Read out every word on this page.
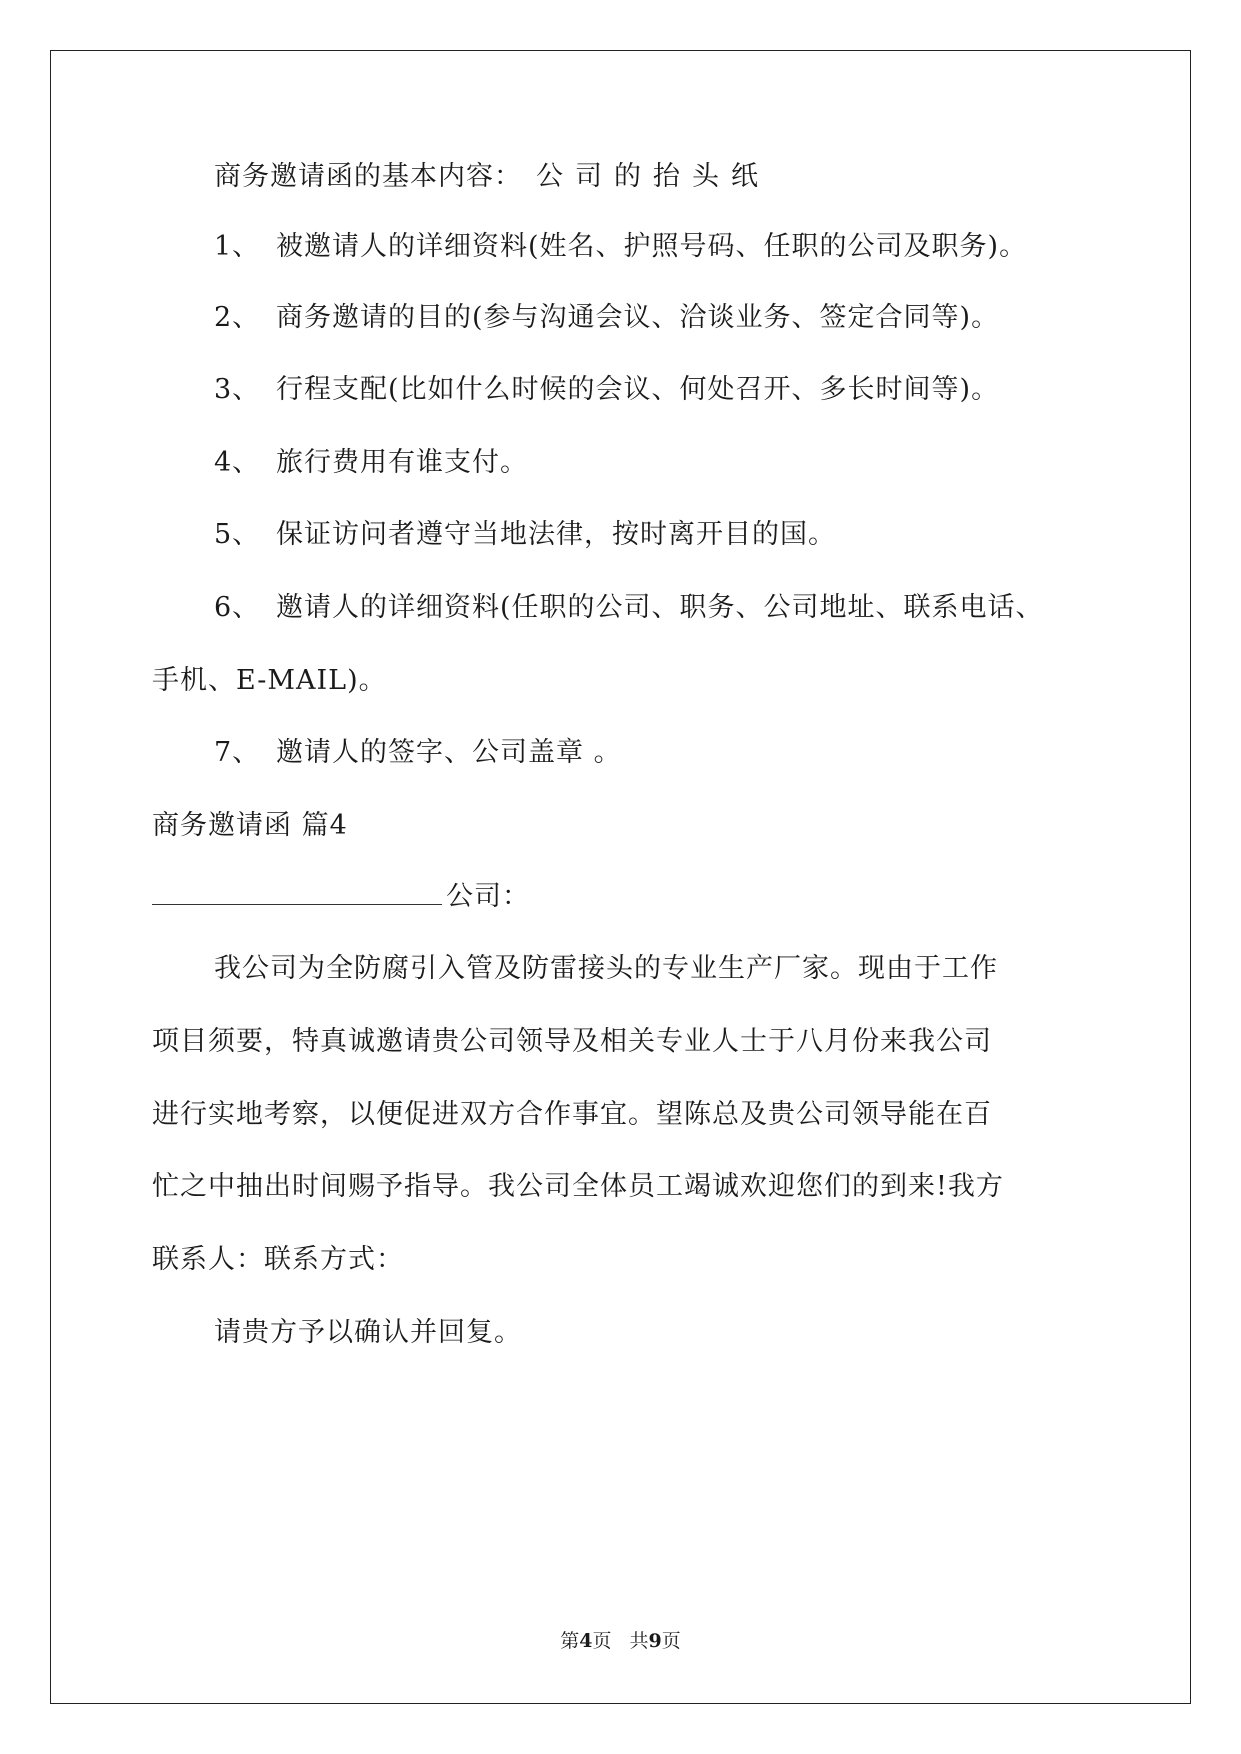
商务邀请函的基本内容： 公司的抬头纸
1、 被邀请人的详细资料(姓名、护照号码、任职的公司及职务)。
2、 商务邀请的目的(参与沟通会议、洽谈业务、签定合同等)。
3、 行程支配(比如什么时候的会议、何处召开、多长时间等)。
4、 旅行费用有谁支付。
5、 保证访问者遵守当地法律，按时离开目的国。
6、 邀请人的详细资料(任职的公司、职务、公司地址、联系电话、
手机、E-MAIL)。
7、 邀请人的签字、公司盖章 。
商务邀请函 篇4
公司：
我公司为全防腐引入管及防雷接头的专业生产厂家。现由于工作
项目须要，特真诚邀请贵公司领导及相关专业人士于八月份来我公司
进行实地考察，以便促进双方合作事宜。望陈总及贵公司领导能在百
忙之中抽出时间赐予指导。我公司全体员工竭诚欢迎您们的到来!我方
联系人：联系方式：
请贵方予以确认并回复。
第4页 共9页
